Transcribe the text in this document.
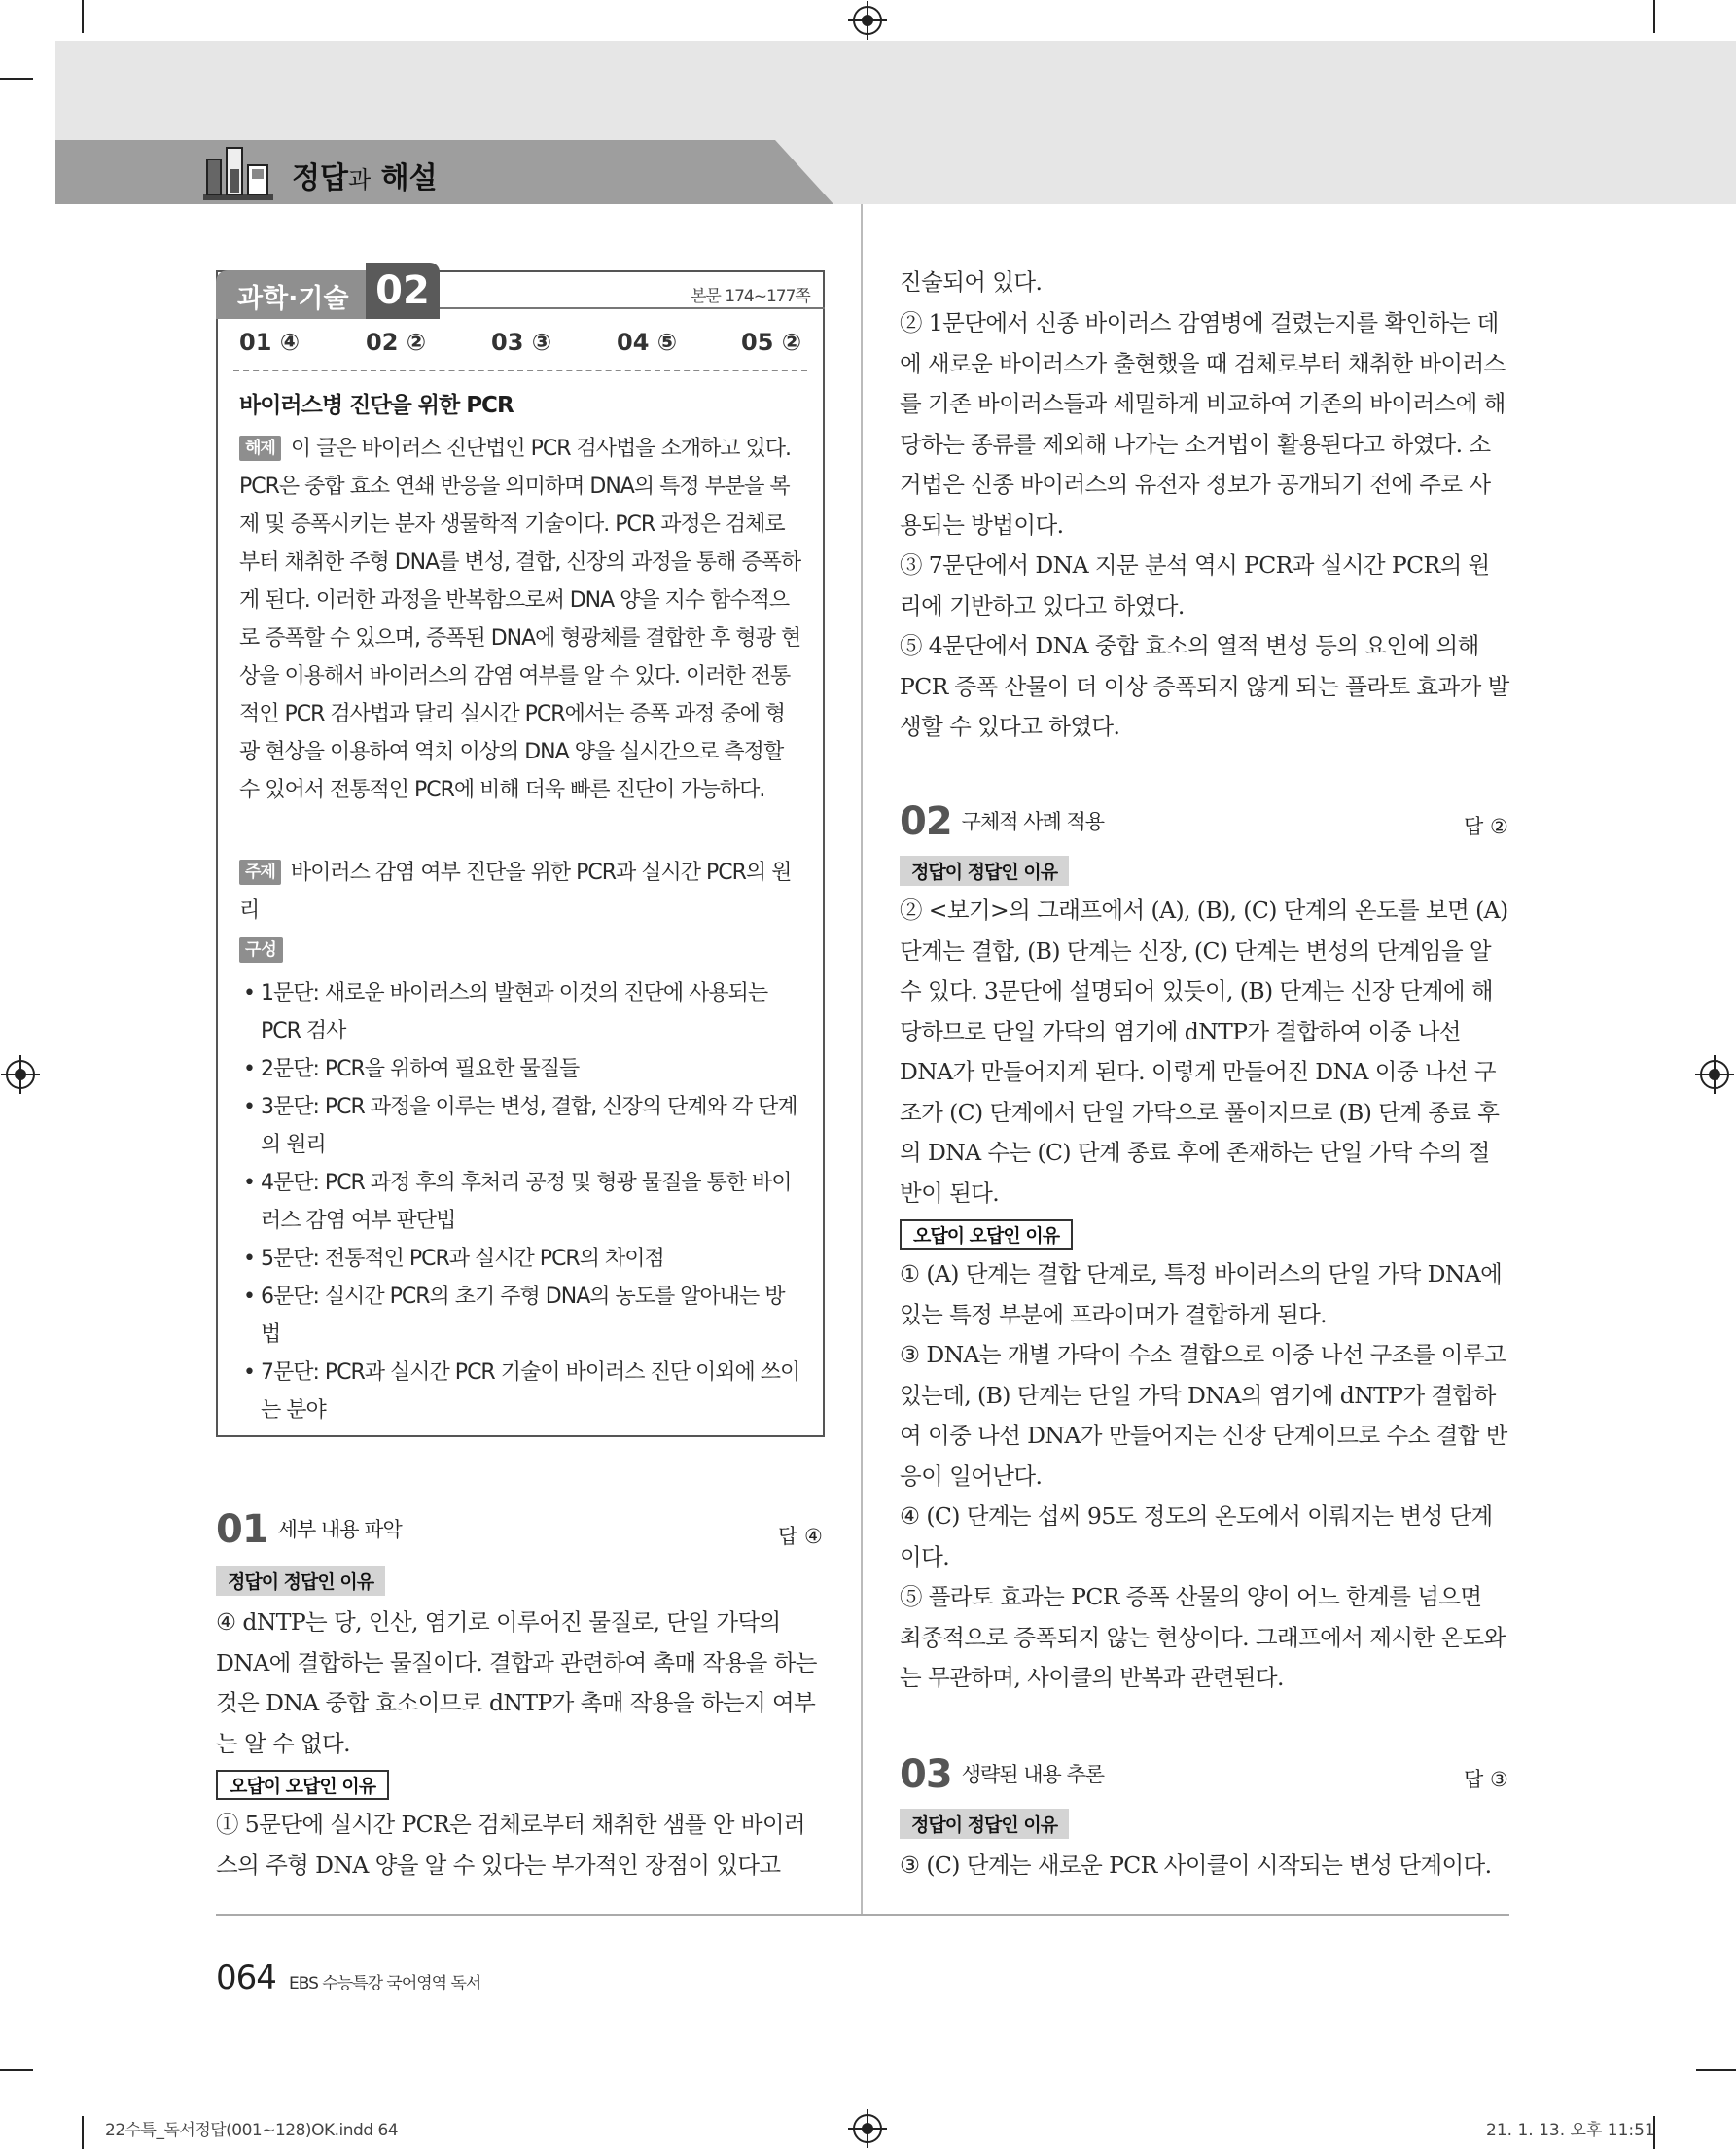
정답과 해설
과학·기술 02	본문 174~177쪽
01 ④	02 ②	03 ③	04 ⑤	05 ②
바이러스병 진단을 위한 PCR
해제 이 글은 바이러스 진단법인 PCR 검사법을 소개하고 있다. PCR은 중합 효소 연쇄 반응을 의미하며 DNA의 특정 부분을 복제 및 증폭시키는 분자 생물학적 기술이다. PCR 과정은 검체로부터 채취한 주형 DNA를 변성, 결합, 신장의 과정을 통해 증폭하게 된다. 이러한 과정을 반복함으로써 DNA 양을 지수 함수적으로 증폭할 수 있으며, 증폭된 DNA에 형광체를 결합한 후 형광 현상을 이용해서 바이러스의 감염 여부를 알 수 있다. 이러한 전통적인 PCR 검사법과 달리 실시간 PCR에서는 증폭 과정 중에 형광 현상을 이용하여 역치 이상의 DNA 양을 실시간으로 측정할 수 있어서 전통적인 PCR에 비해 더욱 빠른 진단이 가능하다.
주제 바이러스 감염 여부 진단을 위한 PCR과 실시간 PCR의 원리
구성
• 1문단: 새로운 바이러스의 발현과 이것의 진단에 사용되는 PCR 검사
• 2문단: PCR을 위하여 필요한 물질들
• 3문단: PCR 과정을 이루는 변성, 결합, 신장의 단계와 각 단계의 원리
• 4문단: PCR 과정 후의 후처리 공정 및 형광 물질을 통한 바이러스 감염 여부 판단법
• 5문단: 전통적인 PCR과 실시간 PCR의 차이점
• 6문단: 실시간 PCR의 초기 주형 DNA의 농도를 알아내는 방법
• 7문단: PCR과 실시간 PCR 기술이 바이러스 진단 이외에 쓰이는 분야
01 세부 내용 파악	답 ④
정답이 정답인 이유
④ dNTP는 당, 인산, 염기로 이루어진 물질로, 단일 가닥의 DNA에 결합하는 물질이다. 결합과 관련하여 촉매 작용을 하는 것은 DNA 중합 효소이므로 dNTP가 촉매 작용을 하는지 여부는 알 수 없다.
오답이 오답인 이유
① 5문단에 실시간 PCR은 검체로부터 채취한 샘플 안 바이러스의 주형 DNA 양을 알 수 있다는 부가적인 장점이 있다고
진술되어 있다.
② 1문단에서 신종 바이러스 감염병에 걸렸는지를 확인하는 데에 새로운 바이러스가 출현했을 때 검체로부터 채취한 바이러스를 기존 바이러스들과 세밀하게 비교하여 기존의 바이러스에 해당하는 종류를 제외해 나가는 소거법이 활용된다고 하였다. 소거법은 신종 바이러스의 유전자 정보가 공개되기 전에 주로 사용되는 방법이다.
③ 7문단에서 DNA 지문 분석 역시 PCR과 실시간 PCR의 원리에 기반하고 있다고 하였다.
⑤ 4문단에서 DNA 중합 효소의 열적 변성 등의 요인에 의해 PCR 증폭 산물이 더 이상 증폭되지 않게 되는 플라토 효과가 발생할 수 있다고 하였다.
02 구체적 사례 적용	답 ②
정답이 정답인 이유
② <보기>의 그래프에서 (A), (B), (C) 단계의 온도를 보면 (A) 단계는 결합, (B) 단계는 신장, (C) 단계는 변성의 단계임을 알 수 있다. 3문단에 설명되어 있듯이, (B) 단계는 신장 단계에 해당하므로 단일 가닥의 염기에 dNTP가 결합하여 이중 나선 DNA가 만들어지게 된다. 이렇게 만들어진 DNA 이중 나선 구조가 (C) 단계에서 단일 가닥으로 풀어지므로 (B) 단계 종료 후의 DNA 수는 (C) 단계 종료 후에 존재하는 단일 가닥 수의 절반이 된다.
오답이 오답인 이유
① (A) 단계는 결합 단계로, 특정 바이러스의 단일 가닥 DNA에 있는 특정 부분에 프라이머가 결합하게 된다.
③ DNA는 개별 가닥이 수소 결합으로 이중 나선 구조를 이루고 있는데, (B) 단계는 단일 가닥 DNA의 염기에 dNTP가 결합하여 이중 나선 DNA가 만들어지는 신장 단계이므로 수소 결합 반응이 일어난다.
④ (C) 단계는 섭씨 95도 정도의 온도에서 이뤄지는 변성 단계이다.
⑤ 플라토 효과는 PCR 증폭 산물의 양이 어느 한계를 넘으면 최종적으로 증폭되지 않는 현상이다. 그래프에서 제시한 온도와는 무관하며, 사이클의 반복과 관련된다.
03 생략된 내용 추론	답 ③
정답이 정답인 이유
③ (C) 단계는 새로운 PCR 사이클이 시작되는 변성 단계이다.
064 EBS 수능특강 국어영역 독서
22수특_독서정답(001~128)OK.indd 64	21. 1. 13. 오후 11:51
